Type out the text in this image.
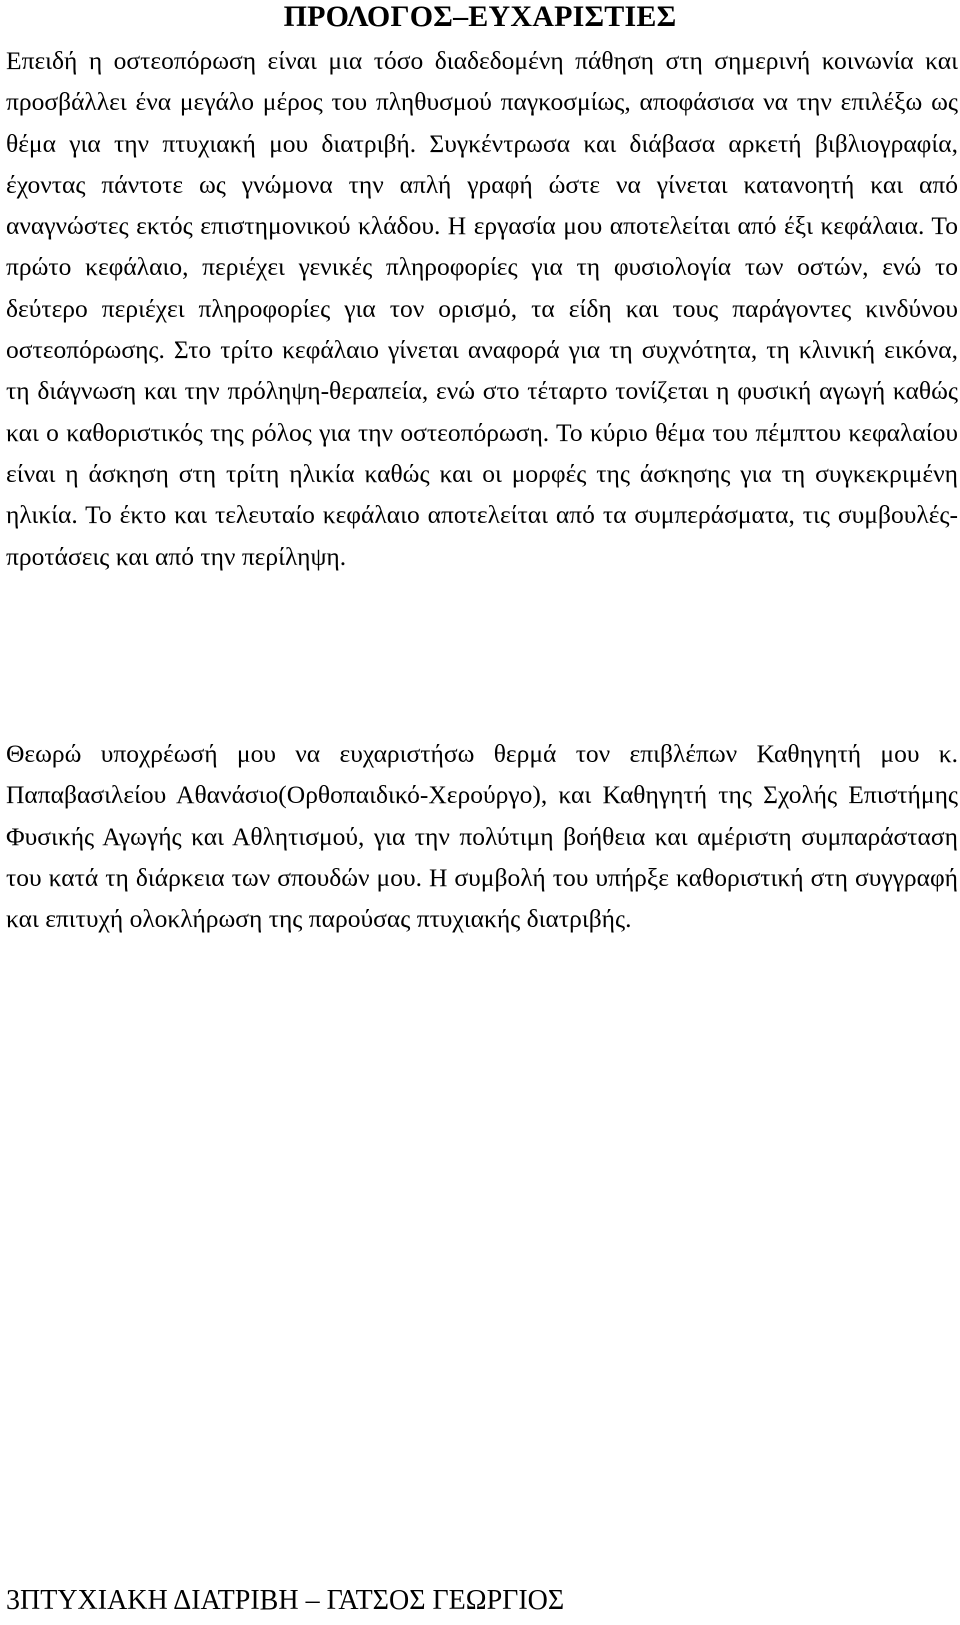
ΠΡΟΛΟΓΟΣ–ΕΥΧΑΡΙΣΤΙΕΣ

Επειδή η οστεοπόρωση είναι μια τόσο διαδεδομένη πάθηση στη σημερινή κοινωνία και προσβάλλει ένα μεγάλο μέρος του πληθυσμού παγκοσμίως, αποφάσισα να την επιλέξω ως θέμα για την πτυχιακή μου διατριβή. Συγκέντρωσα και διάβασα αρκετή βιβλιογραφία, έχοντας πάντοτε ως γνώμονα την απλή γραφή ώστε να γίνεται κατανοητή και από αναγνώστες εκτός επιστημονικού κλάδου. Η εργασία μου αποτελείται από έξι κεφάλαια. Το πρώτο κεφάλαιο, περιέχει γενικές πληροφορίες για τη φυσιολογία των οστών, ενώ το δεύτερο περιέχει πληροφορίες για τον ορισμό, τα είδη και τους παράγοντες κινδύνου οστεοπόρωσης. Στο τρίτο κεφάλαιο γίνεται αναφορά για τη συχνότητα, τη κλινική εικόνα, τη διάγνωση και την πρόληψη-θεραπεία, ενώ στο τέταρτο τονίζεται η φυσική αγωγή καθώς και ο καθοριστικός της ρόλος για την οστεοπόρωση. Το κύριο θέμα του πέμπτου κεφαλαίου είναι η άσκηση στη τρίτη ηλικία καθώς και οι μορφές της άσκησης για τη συγκεκριμένη ηλικία. Το έκτο και τελευταίο κεφάλαιο αποτελείται από τα συμπεράσματα, τις συμβουλές- προτάσεις και από την περίληψη.

Θεωρώ υποχρέωσή μου να ευχαριστήσω θερμά τον επιβλέπων Καθηγητή μου κ. Παπαβασιλείου Αθανάσιο(Ορθοπαιδικό-Χερούργο), και Καθηγητή της Σχολής Επιστήμης Φυσικής Αγωγής και Αθλητισμού, για την πολύτιμη βοήθεια και αμέριστη συμπαράσταση του κατά τη διάρκεια των σπουδών μου. Η συμβολή του υπήρξε καθοριστική στη συγγραφή και επιτυχή ολοκλήρωση της παρούσας πτυχιακής διατριβής.

3ΠΤΥΧΙΑΚΗ ΔΙΑΤΡΙΒΗ – ΓΑΤΣΟΣ ΓΕΩΡΓΙΟΣ
